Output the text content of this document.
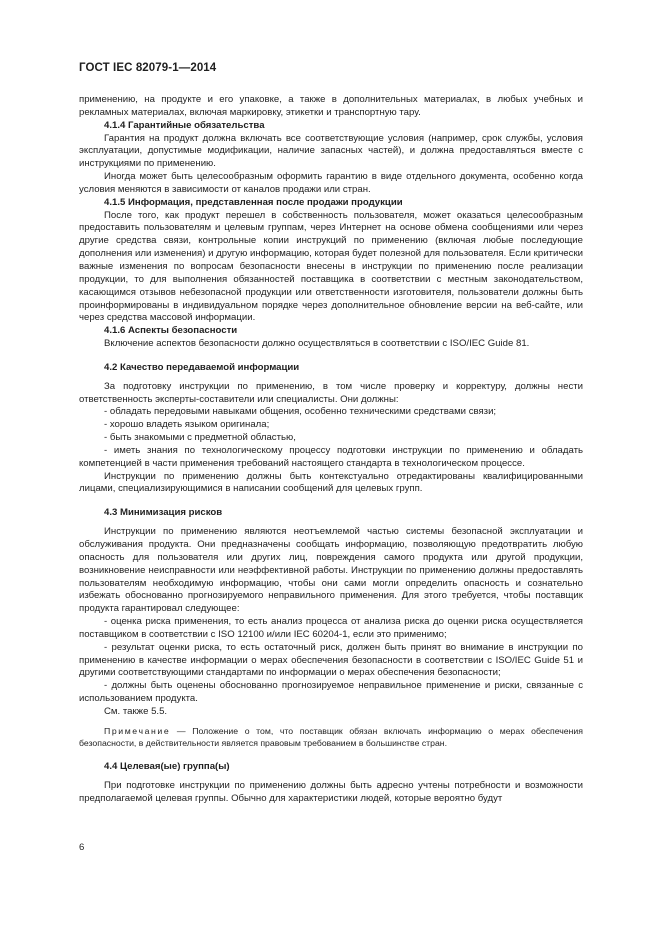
ГОСТ IEC 82079-1—2014

применению, на продукте и его упаковке, а также в дополнительных материалах, в любых учебных и рекламных материалах, включая маркировку, этикетки и транспортную тару.

4.1.4 Гарантийные обязательства

Гарантия на продукт должна включать все соответствующие условия (например, срок службы, условия эксплуатации, допустимые модификации, наличие запасных частей), и должна предоставляться вместе с инструкциями по применению.

Иногда может быть целесообразным оформить гарантию в виде отдельного документа, особенно когда условия меняются в зависимости от каналов продажи или стран.

4.1.5 Информация, представленная после продажи продукции

После того, как продукт перешел в собственность пользователя, может оказаться целесообразным предоставить пользователям и целевым группам, через Интернет на основе обмена сообщениями или через другие средства связи, контрольные копии инструкций по применению (включая любые последующие дополнения или изменения) и другую информацию, которая будет полезной для пользователя. Если критически важные изменения по вопросам безопасности внесены в инструкции по применению после реализации продукции, то для выполнения обязанностей поставщика в соответствии с местным законодательством, касающимся отзывов небезопасной продукции или ответственности изготовителя, пользователи должны быть проинформированы в индивидуальном порядке через дополнительное обновление версии на веб-сайте, или через средства массовой информации.

4.1.6 Аспекты безопасности

Включение аспектов безопасности должно осуществляться в соответствии с ISO/IEC Guide 81.

4.2 Качество передаваемой информации

За подготовку инструкции по применению, в том числе проверку и корректуру, должны нести ответственность эксперты-составители или специалисты. Они должны:

- обладать передовыми навыками общения, особенно техническими средствами связи;

- хорошо владеть языком оригинала;

- быть знакомыми с предметной областью,

- иметь знания по технологическому процессу подготовки инструкции по применению и обладать компетенцией в части применения требований настоящего стандарта в технологическом процессе.

Инструкции по применению должны быть контекстуально отредактированы квалифицированными лицами, специализирующимися в написании сообщений для целевых групп.

4.3 Минимизация рисков

Инструкции по применению являются неотъемлемой частью системы безопасной эксплуатации и обслуживания продукта. Они предназначены сообщать информацию, позволяющую предотвратить любую опасность для пользователя или других лиц, повреждения самого продукта или другой продукции, возникновение неисправности или неэффективной работы. Инструкции по применению должны предоставлять пользователям необходимую информацию, чтобы они сами могли определить опасность и сознательно избежать обоснованно прогнозируемого неправильного применения. Для этого требуется, чтобы поставщик продукта гарантировал следующее:

- оценка риска применения, то есть анализ процесса от анализа риска до оценки риска осуществляется поставщиком в соответствии с ISO 12100 и/или IEC 60204-1, если это применимо;

- результат оценки риска, то есть остаточный риск, должен быть принят во внимание в инструкции по применению в качестве информации о мерах обеспечения безопасности в соответствии с ISO/IEC Guide 51 и другими соответствующими стандартами по информации о мерах обеспечения безопасности;

- должны быть оценены обоснованно прогнозируемое неправильное применение и риски, связанные с использованием продукта.

См. также 5.5.

Примечание — Положение о том, что поставщик обязан включать информацию о мерах обеспечения безопасности, в действительности является правовым требованием в большинстве стран.

4.4 Целевая(ые) группа(ы)

При подготовке инструкции по применению должны быть адресно учтены потребности и возможности предполагаемой целевая группы. Обычно для характеристики людей, которые вероятно будут

6
